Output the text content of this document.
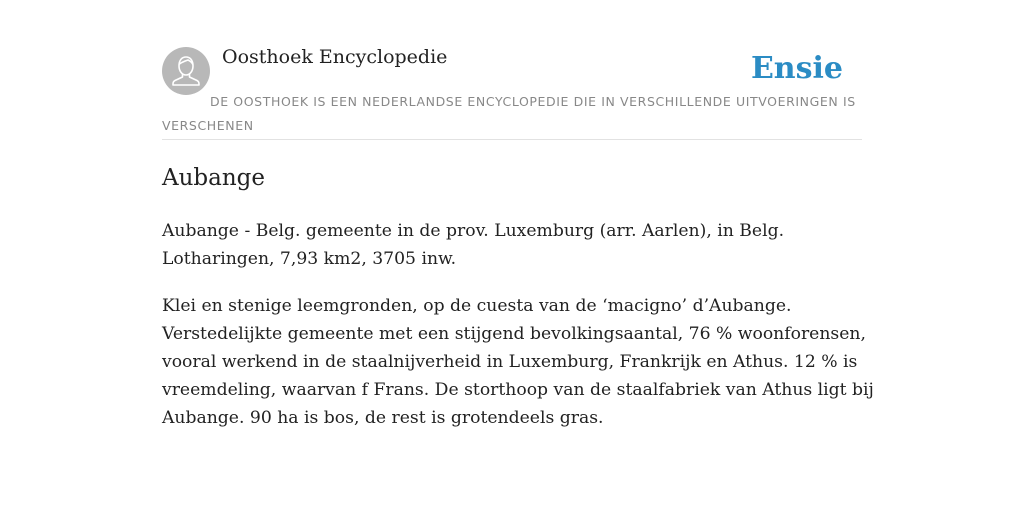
Oosthoek Encyclopedie	Ensie
DE OOSTHOEK IS EEN NEDERLANDSE ENCYCLOPEDIE DIE IN VERSCHILLENDE UITVOERINGEN IS VERSCHENEN
Aubange

Aubange - Belg. gemeente in de prov. Luxemburg (arr. Aarlen), in Belg. Lotharingen, 7,93 km2, 3705 inw.

Klei en stenige leemgronden, op de cuesta van de ‘macigno’ d’Aubange. Verstedelijkte gemeente met een stijgend bevolkingsaantal, 76 % woonforensen, vooral werkend in de staalnijverheid in Luxemburg, Frankrijk en Athus. 12 % is vreemdeling, waarvan f Frans. De storthoop van de staalfabriek van Athus ligt bij Aubange. 90 ha is bos, de rest is grotendeels gras.
